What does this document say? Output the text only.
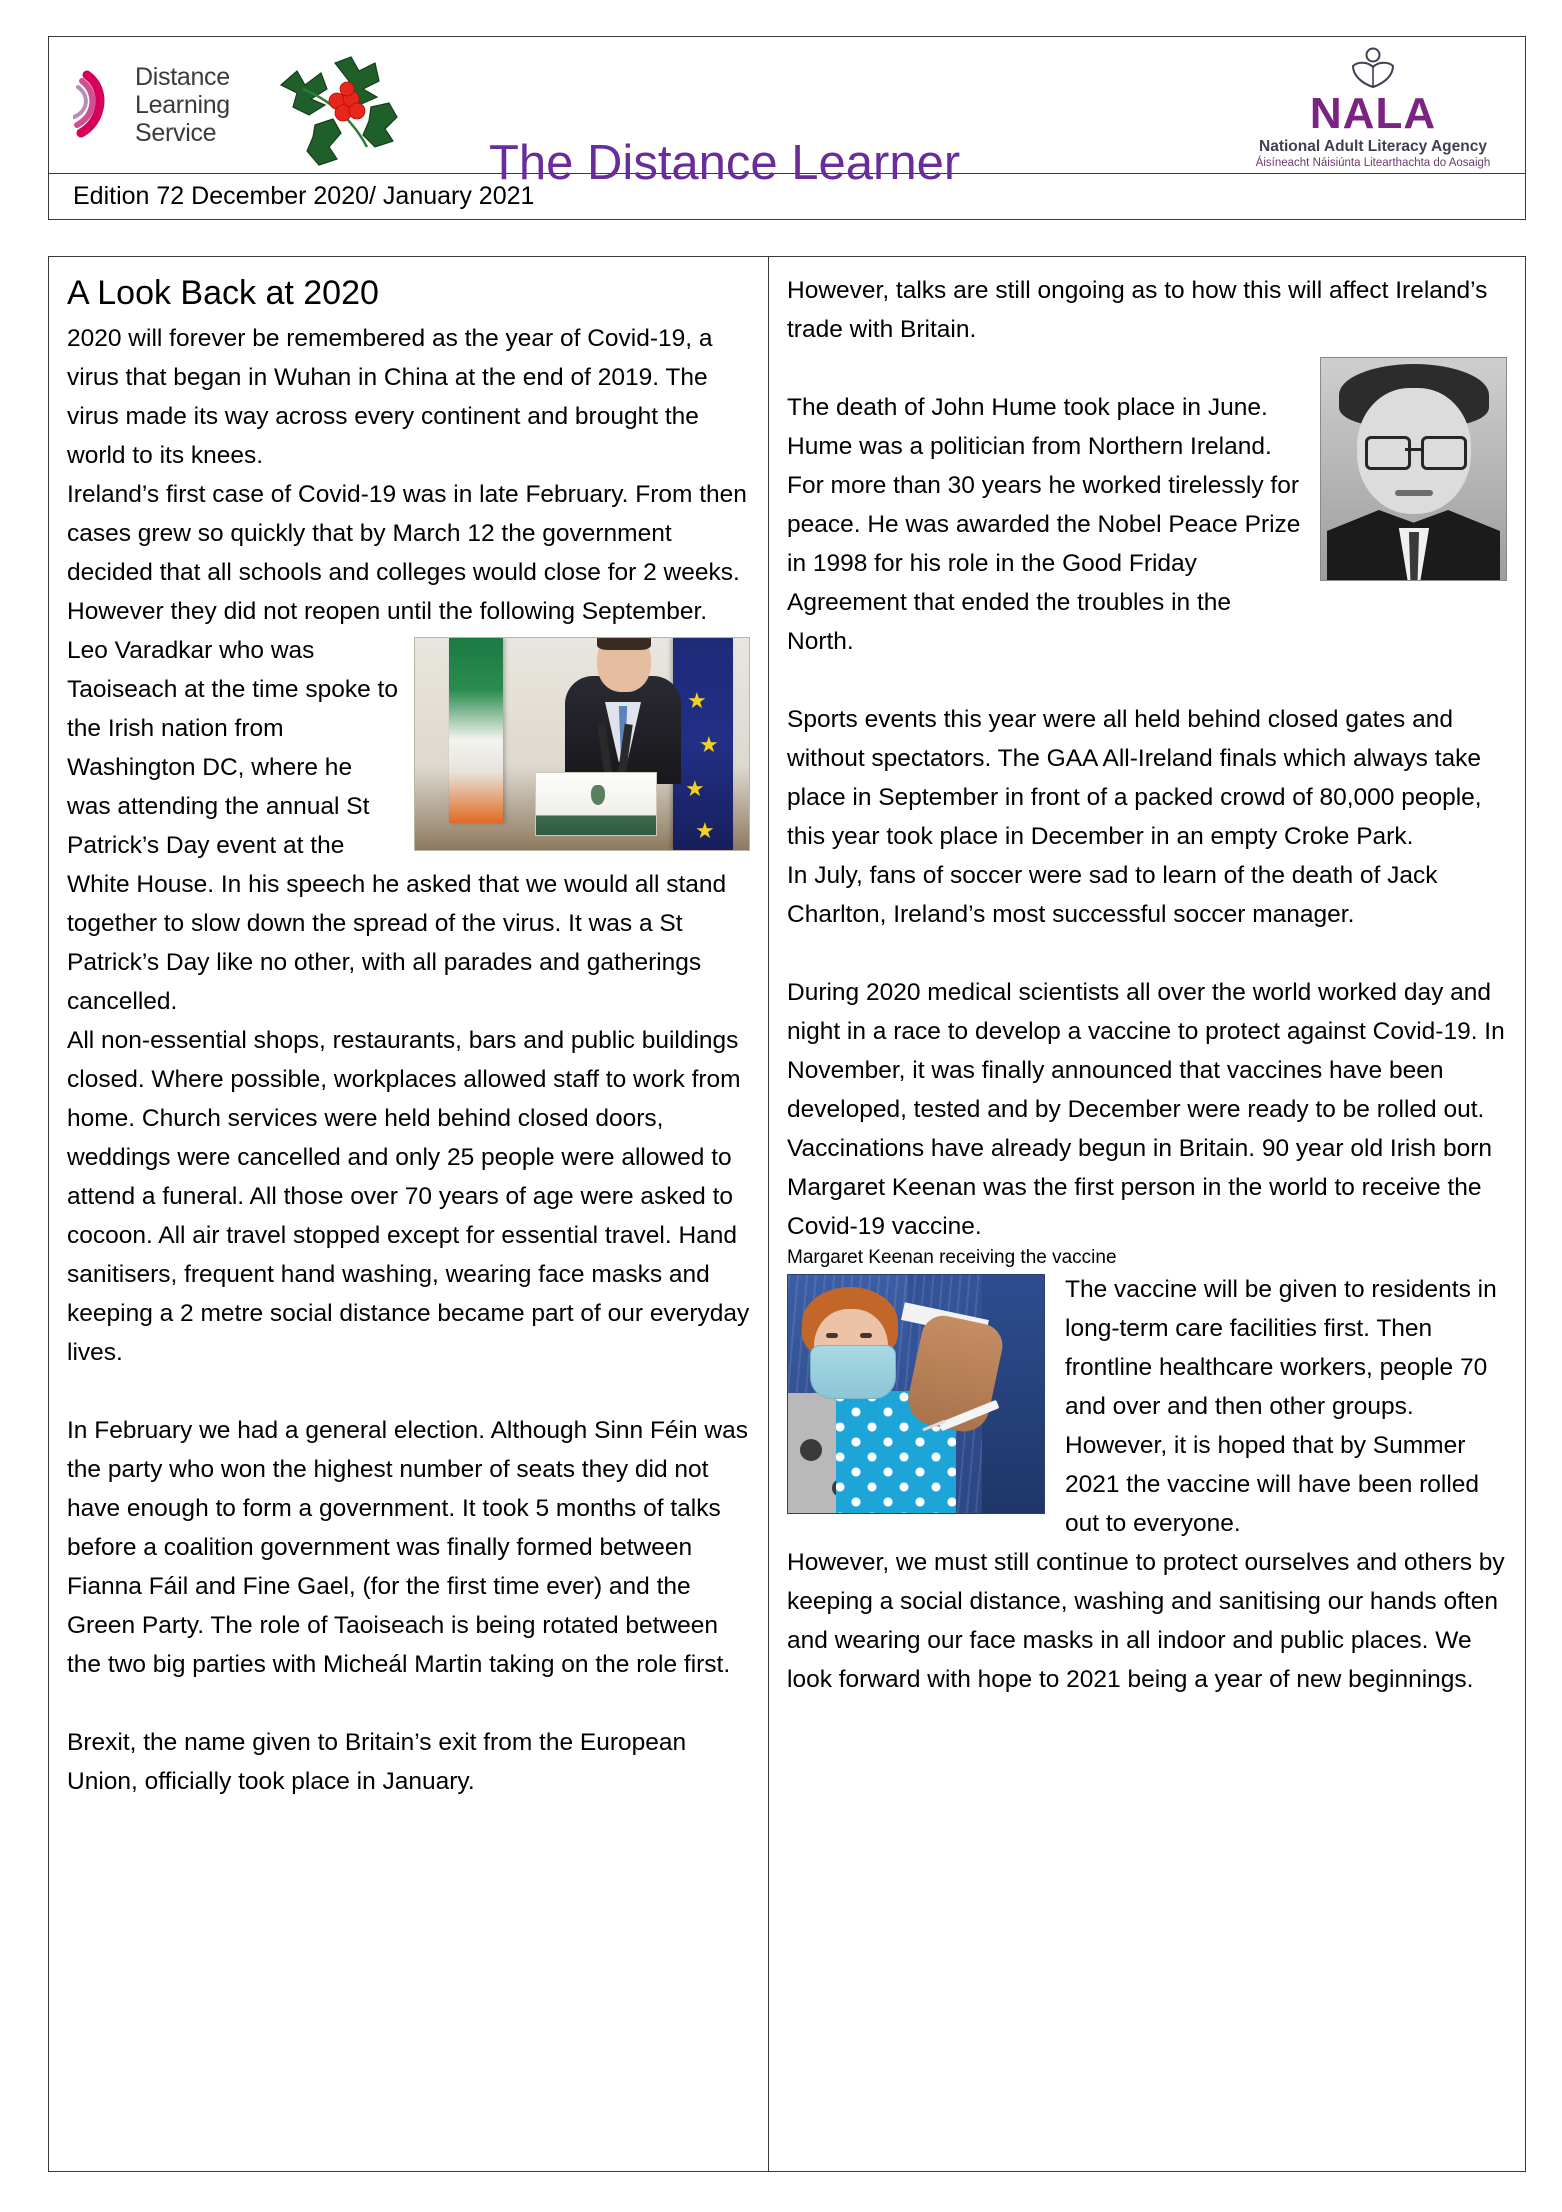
Distance
Learning
Service
The Distance Learner
NALA
National Adult Literacy Agency
Áisíneacht Náisiúnta Litearthachta do Aosaigh
Edition 72 December 2020/ January 2021
A Look Back at 2020

2020 will forever be remembered as the year of Covid-19, a virus that began in Wuhan in China at the end of 2019. The virus made its way across every continent and brought the world to its knees.

Ireland’s first case of Covid-19 was in late February. From then cases grew so quickly that by March 12 the government decided that all schools and colleges would close for 2 weeks. However they did not reopen until the following September.

★
★
★
★

Leo Varadkar who was Taoiseach at the time spoke to the Irish nation from Washington DC, where he was attending the annual St Patrick’s Day event at the White House. In his speech he asked that we would all stand together to slow down the spread of the virus. It was a St Patrick’s Day like no other, with all parades and gatherings cancelled.

All non-essential shops, restaurants, bars and public buildings closed. Where possible, workplaces allowed staff to work from home. Church services were held behind closed doors, weddings were cancelled and only 25 people were allowed to attend a funeral. All those over 70 years of age were asked to cocoon. All air travel stopped except for essential travel. Hand sanitisers, frequent hand washing, wearing face masks and keeping a 2 metre social distance became part of our everyday lives.

In February we had a general election. Although Sinn Féin was the party who won the highest number of seats they did not have enough to form a government. It took 5 months of talks before a coalition government was finally formed between Fianna Fáil and Fine Gael, (for the first time ever) and the Green Party. The role of Taoiseach is being rotated between the two big parties with Micheál Martin taking on the role first.

Brexit, the name given to Britain’s exit from the European Union, officially took place in January.

However, talks are still ongoing as to how this will affect Ireland’s trade with Britain.

The death of John Hume took place in June. Hume was a politician from Northern Ireland. For more than 30 years he worked tirelessly for peace. He was awarded the Nobel Peace Prize in 1998 for his role in the Good Friday Agreement that ended the troubles in the North.

Sports events this year were all held behind closed gates and without spectators. The GAA All-Ireland finals which always take place in September in front of a packed crowd of 80,000 people, this year took place in December in an empty Croke Park.

In July, fans of soccer were sad to learn of the death of Jack Charlton, Ireland’s most successful soccer manager.

During 2020 medical scientists all over the world worked day and night in a race to develop a vaccine to protect against Covid-19. In November, it was finally announced that vaccines have been developed, tested and by December were ready to be rolled out.

Vaccinations have already begun in Britain. 90 year old Irish born Margaret Keenan was the first person in the world to receive the Covid-19 vaccine.

Margaret Keenan receiving the vaccine

The vaccine will be given to residents in long-term care facilities first. Then frontline healthcare workers, people 70 and over and then other groups.

However, it is hoped that by Summer 2021 the vaccine will have been rolled out to everyone.

However, we must still continue to protect ourselves and others by keeping a social distance, washing and sanitising our hands often and wearing our face masks in all indoor and public places. We look forward with hope to 2021 being a year of new beginnings.
